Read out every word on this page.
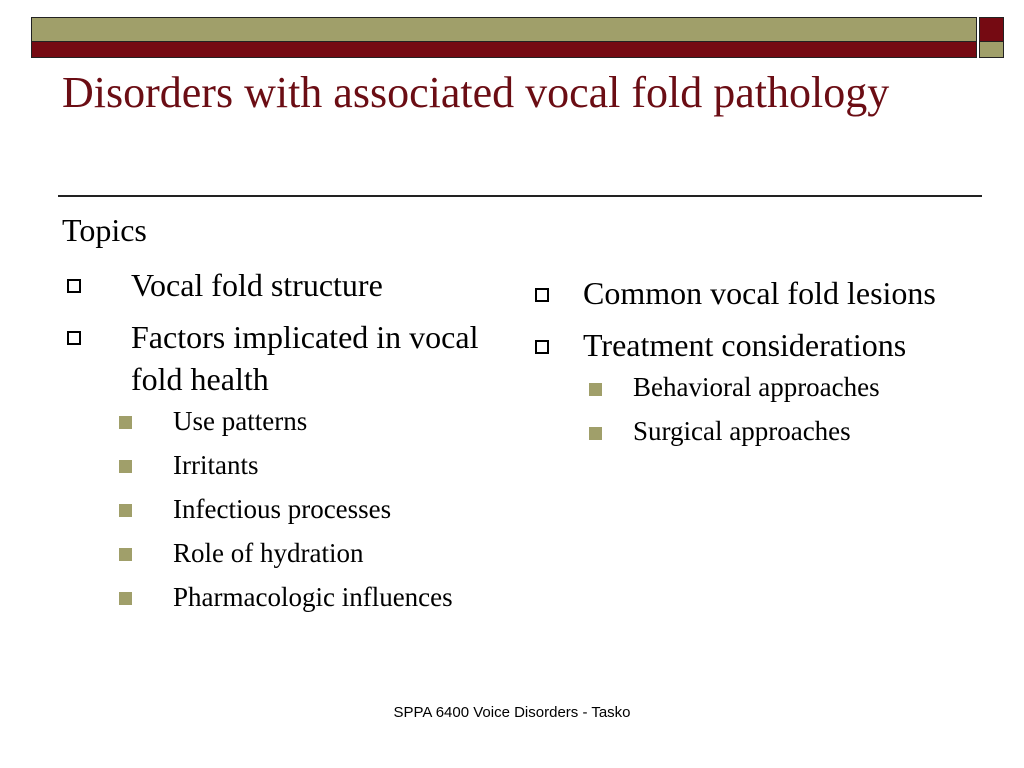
Disorders with associated vocal fold pathology
Topics
Vocal fold structure
Factors implicated in vocal fold health
Use patterns
Irritants
Infectious processes
Role of hydration
Pharmacologic influences
Common vocal fold lesions
Treatment considerations
Behavioral approaches
Surgical approaches
SPPA 6400 Voice Disorders - Tasko
